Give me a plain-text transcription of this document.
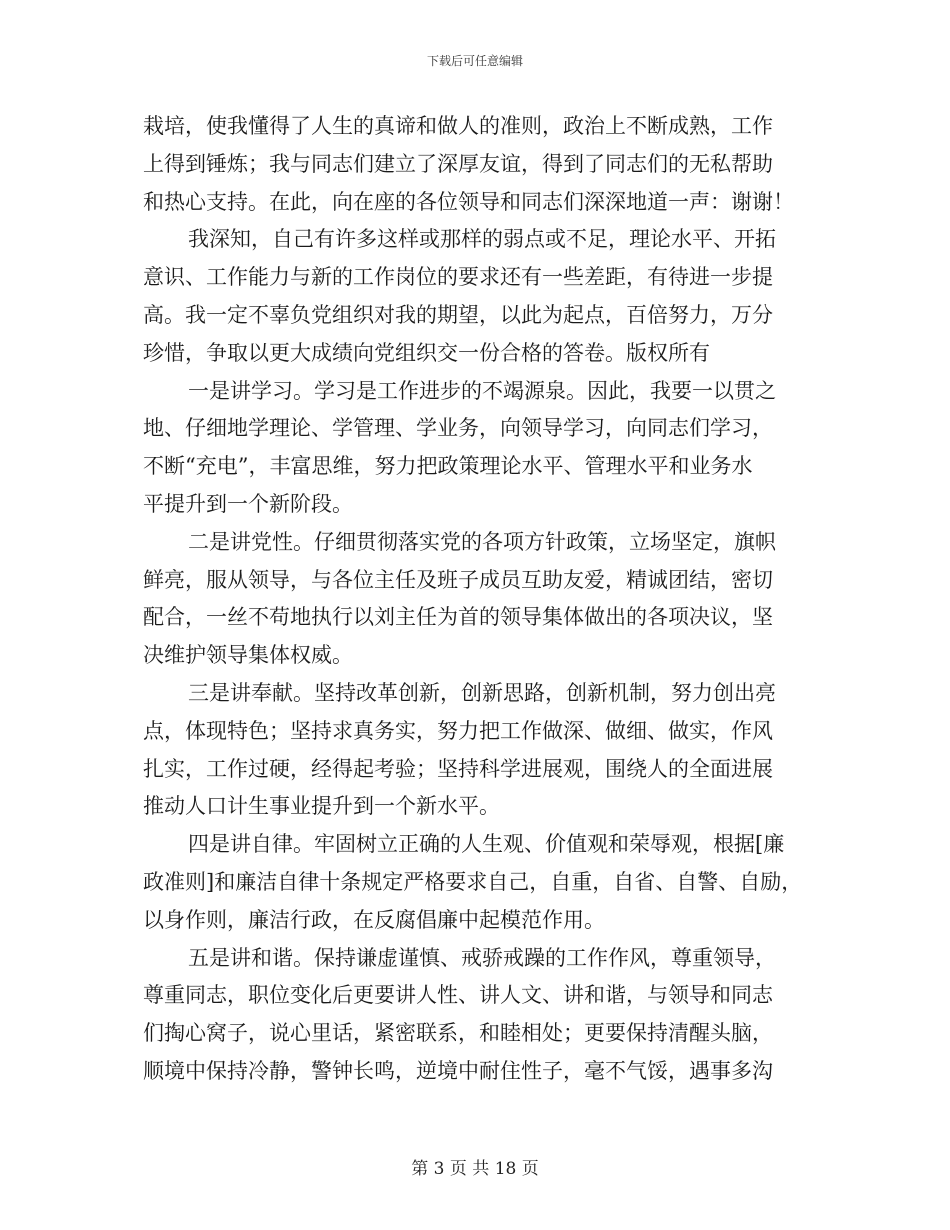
下载后可任意编辑
栽培，使我懂得了人生的真谛和做人的准则，政治上不断成熟，工作
上得到锤炼；我与同志们建立了深厚友谊，得到了同志们的无私帮助
和热心支持。在此，向在座的各位领导和同志们深深地道一声：谢谢！
我深知，自己有许多这样或那样的弱点或不足，理论水平、开拓
意识、工作能力与新的工作岗位的要求还有一些差距，有待进一步提
高。我一定不辜负党组织对我的期望，以此为起点，百倍努力，万分
珍惜，争取以更大成绩向党组织交一份合格的答卷。版权所有
一是讲学习。学习是工作进步的不竭源泉。因此，我要一以贯之
地、仔细地学理论、学管理、学业务，向领导学习，向同志们学习，
不断“充电”，丰富思维，努力把政策理论水平、管理水平和业务水
平提升到一个新阶段。
二是讲党性。仔细贯彻落实党的各项方针政策，立场坚定，旗帜
鲜亮，服从领导，与各位主任及班子成员互助友爱，精诚团结，密切
配合，一丝不苟地执行以刘主任为首的领导集体做出的各项决议，坚
决维护领导集体权威。
三是讲奉献。坚持改革创新，创新思路，创新机制，努力创出亮
点，体现特色；坚持求真务实，努力把工作做深、做细、做实，作风
扎实，工作过硬，经得起考验；坚持科学进展观，围绕人的全面进展
推动人口计生事业提升到一个新水平。
四是讲自律。牢固树立正确的人生观、价值观和荣辱观，根据[廉
政准则]和廉洁自律十条规定严格要求自己，自重，自省、自警、自励，
以身作则，廉洁行政，在反腐倡廉中起模范作用。
五是讲和谐。保持谦虚谨慎、戒骄戒躁的工作作风，尊重领导，
尊重同志，职位变化后更要讲人性、讲人文、讲和谐，与领导和同志
们掏心窝子，说心里话，紧密联系，和睦相处；更要保持清醒头脑，
顺境中保持冷静，警钟长鸣，逆境中耐住性子，毫不气馁，遇事多沟
第 3 页 共 18 页
